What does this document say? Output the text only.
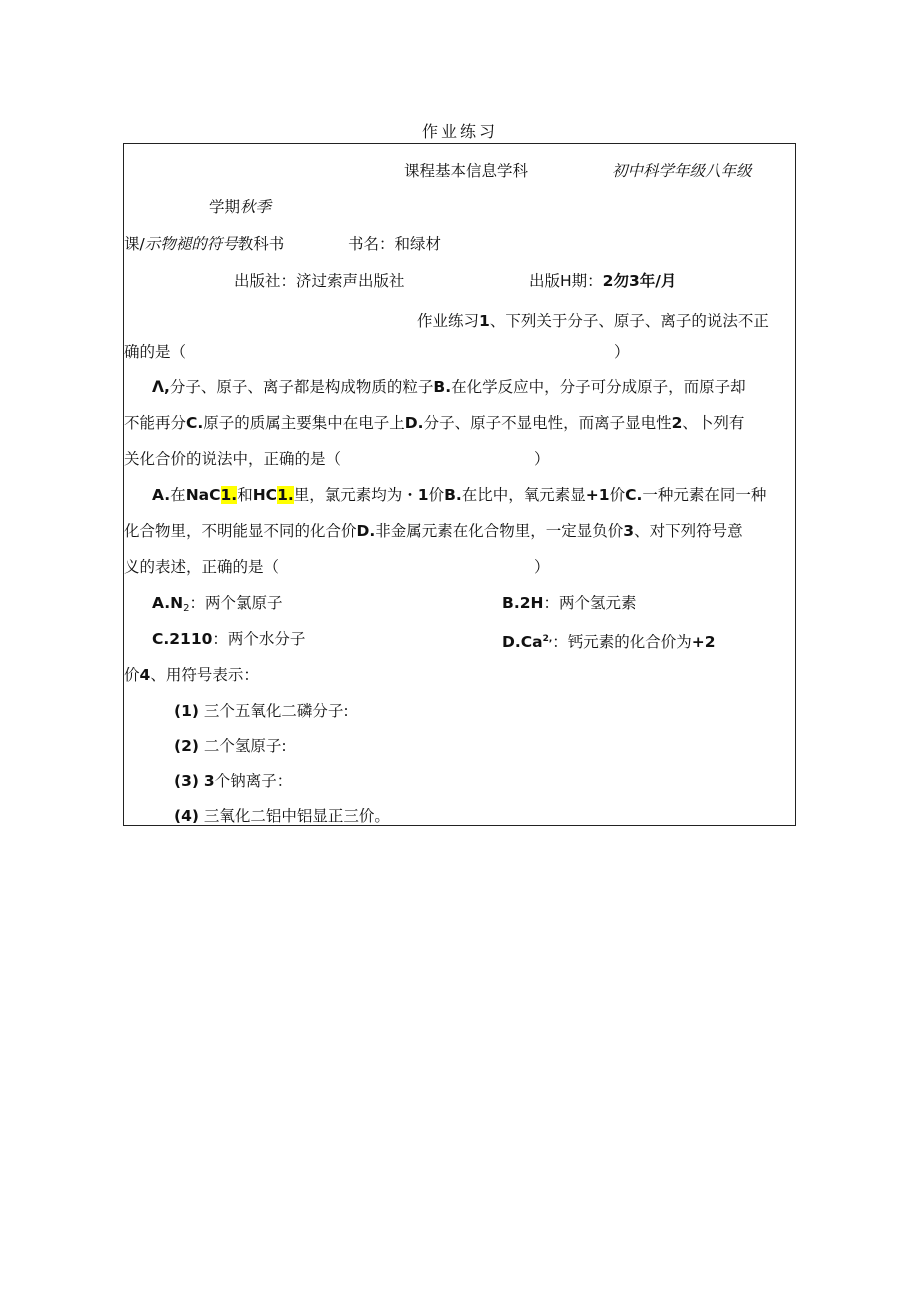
作业练习
课程基本信息学科	初中科学年级八年级
学期秋季
课/示物褪的符号教科书	书名：和绿材
出版社：济过索声出版社	出版H期：2勿3年/月
作业练习1、下列关于分子、原子、离子的说法不正
确的是（	）
Λ,分子、原子、离子都是构成物质的粒子B.在化学反应中，分子可分成原子，而原子却
不能再分C.原子的质属主要集中在电子上D.分子、原子不显电性，而离子显电性2、卜列有
关化合价的说法中，正确的是（	）
A.在NaC1.和HC1.里，氯元素均为・1价B.在比中，氧元素显+1价C.一种元素在同一种
化合物里，不明能显不同的化合价D.非金属元素在化合物里，一定显负价3、对下列符号意
义的表述，正确的是（	）
$A.N_2$：两个氯原子	B.2H：两个氢元素
C.2110：两个水分子	$D.Ca^{2,}$：钙元素的化合价为+2
价4、用符号表示：
(1) 三个五氧化二磷分子:
(2) 二个氢原子:
(3) 3个钠离子：
(4) 三氧化二铝中铝显正三价。
